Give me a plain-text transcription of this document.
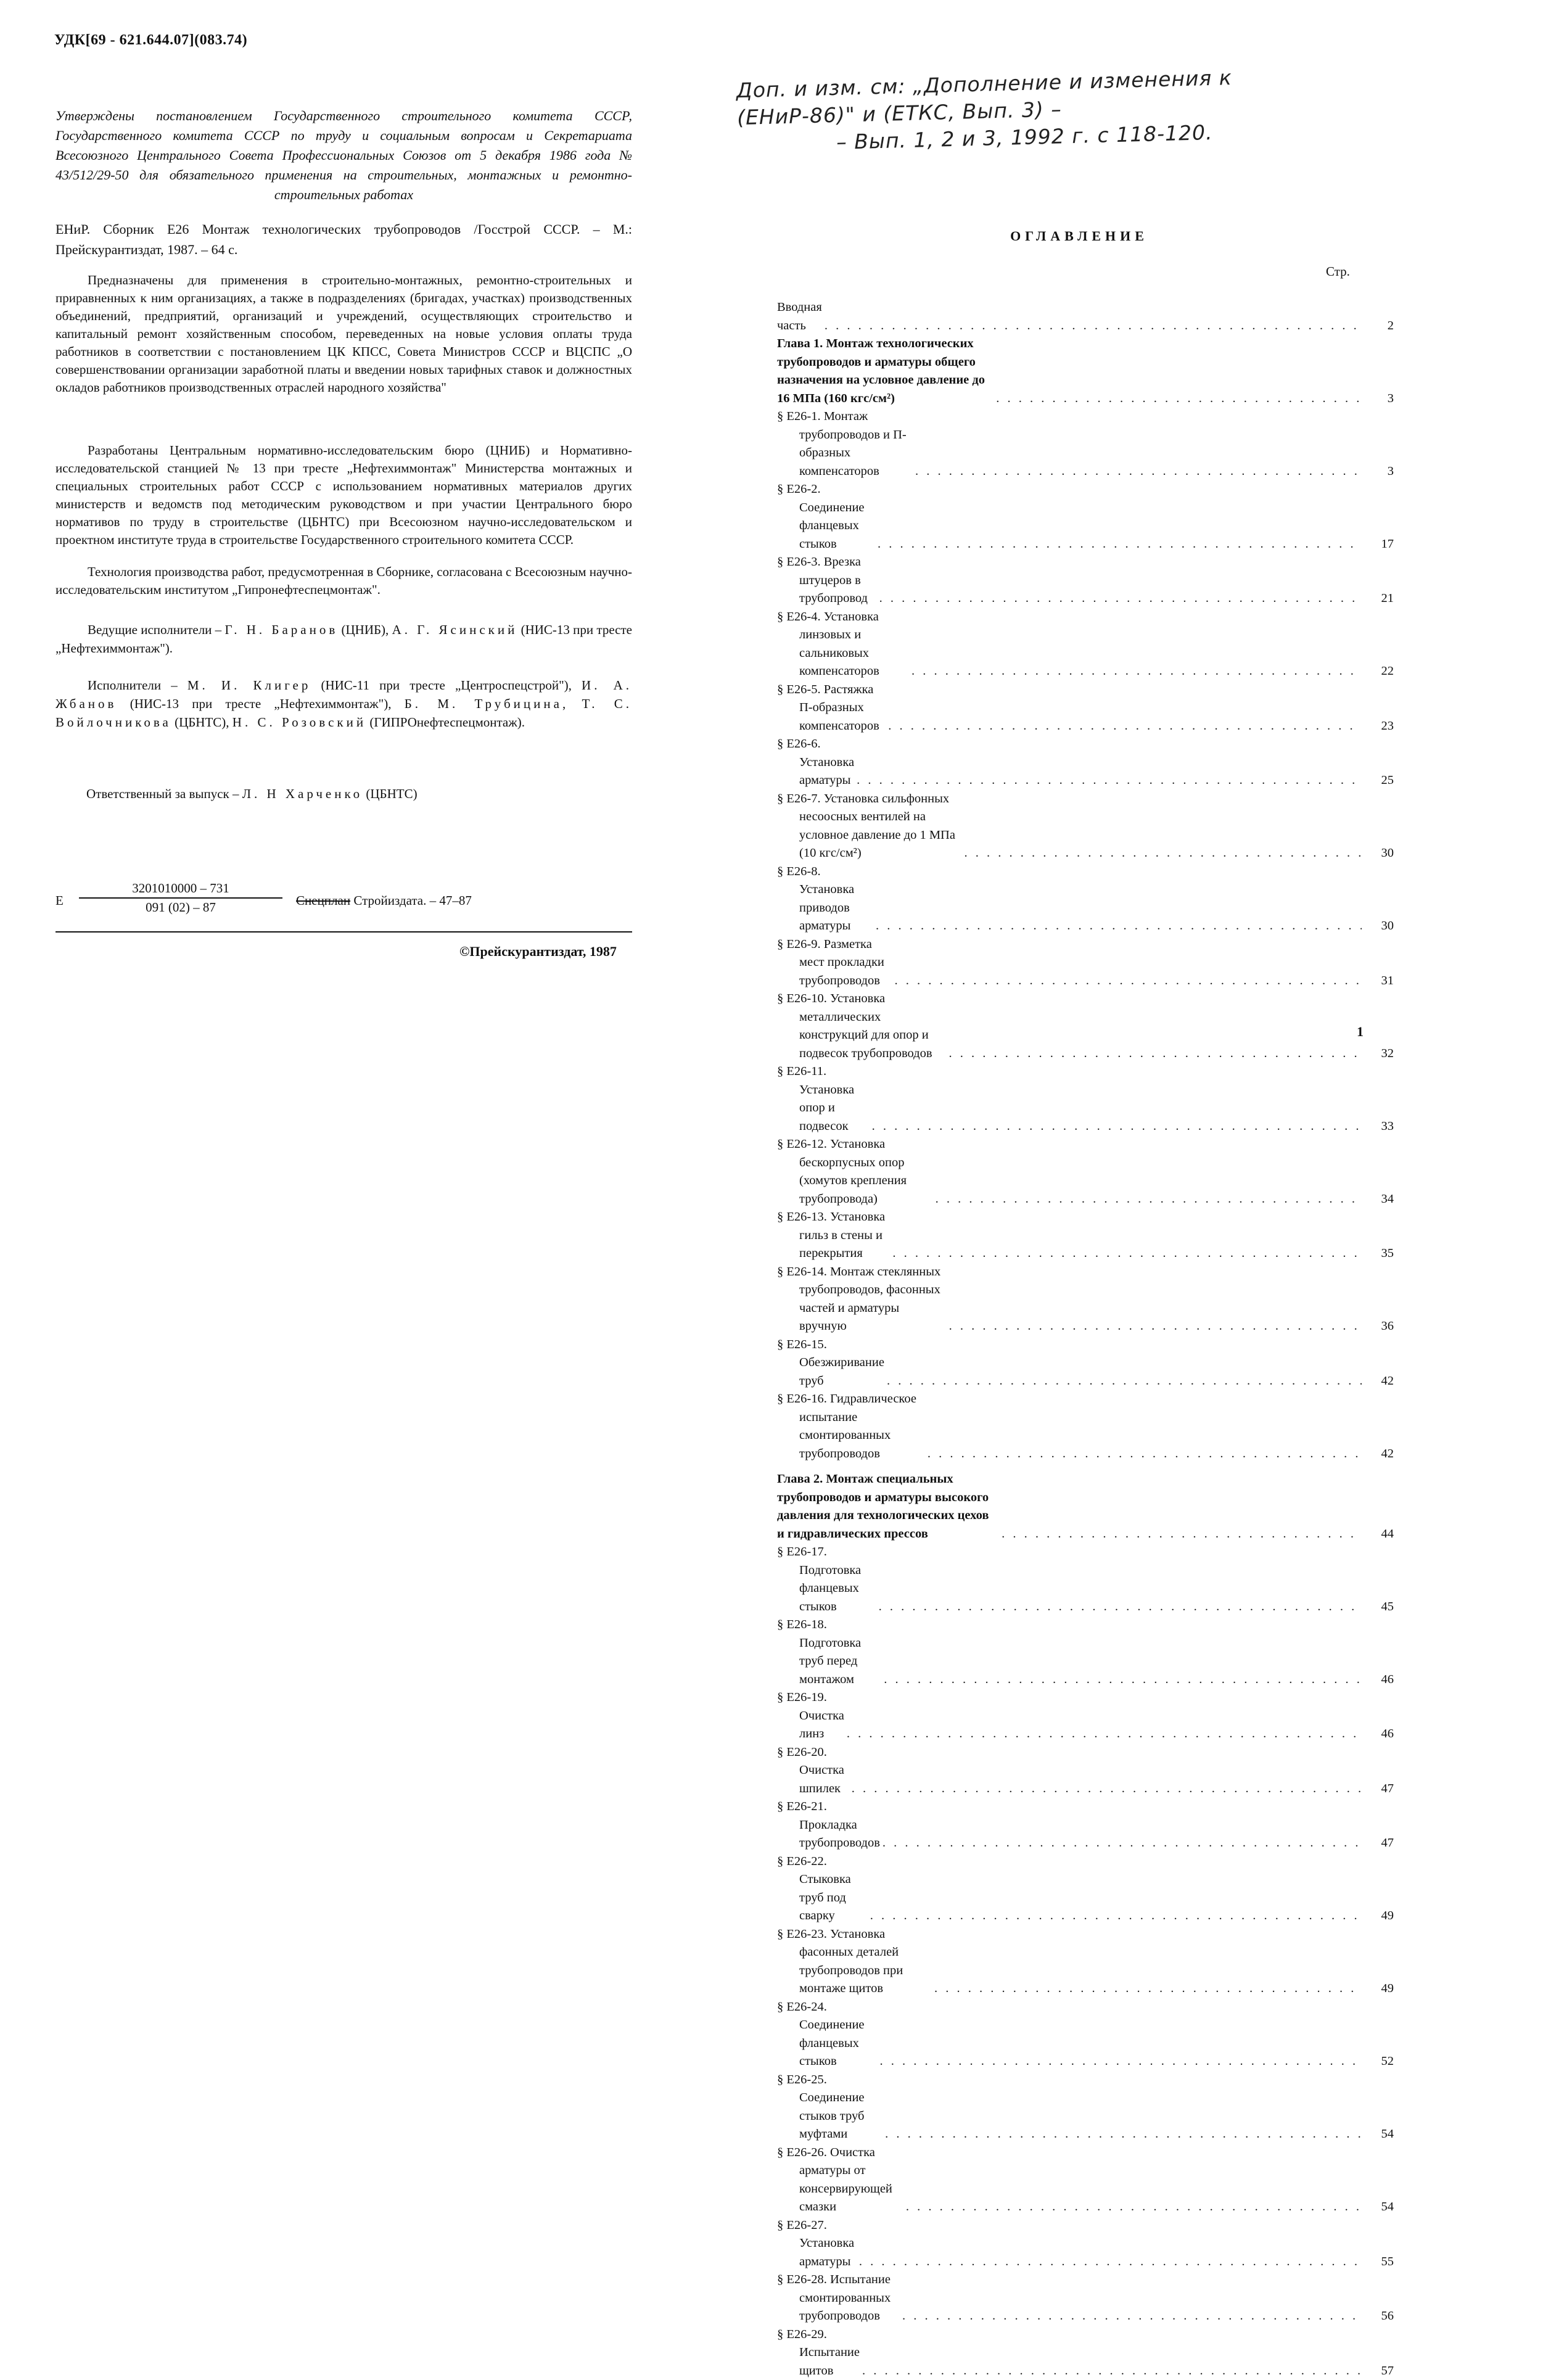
УДК[69 - 621.644.07](083.74)
Утверждены постановлением Государственного строительного комитета СССР, Государственного комитета СССР по труду и социальным вопросам и Секретариата Всесоюзного Центрального Совета Профессиональных Союзов от 5 декабря 1986 года № 43/512/29-50 для обязательного применения на строительных, монтажных и ремонтно-строительных работах
ЕНиР. Сборник Е26 Монтаж технологических трубопроводов /Госстрой СССР. – М.: Прейскурантиздат, 1987. – 64 с.
Предназначены для применения в строительно-монтажных, ремонтно-строительных и приравненных к ним организациях, а также в подразделениях (бригадах, участках) производственных объединений, предприятий, организаций и учреждений, осуществляющих строительство и капитальный ремонт хозяйственным способом, переведенных на новые условия оплаты труда работников в соответствии с постановлением ЦК КПСС, Совета Министров СССР и ВЦСПС „О совершенствовании организации заработной платы и введении новых тарифных ставок и должностных окладов работников производственных отраслей народного хозяйства"
Разработаны Центральным нормативно-исследовательским бюро (ЦНИБ) и Нормативно-исследовательской станцией № 13 при тресте „Нефтехиммонтаж" Министерства монтажных и специальных строительных работ СССР с использованием нормативных материалов других министерств и ведомств под методическим руководством и при участии Центрального бюро нормативов по труду в строительстве (ЦБНТС) при Всесоюзном научно-исследовательском и проектном институте труда в строительстве Государственного строительного комитета СССР.
Технология производства работ, предусмотренная в Сборнике, согласована с Всесоюзным научно-исследовательским институтом „Гипронефтеспецмонтаж".
Ведущие исполнители – Г. Н. Баранов (ЦНИБ), А. Г. Ясинский (НИС-13 при тресте „Нефтехиммонтаж").
Исполнители – М. И. Клигер (НИС-11 при тресте „Центроспецстрой"), И. А. Жбанов (НИС-13 при тресте „Нефтехиммонтаж"), Б. М. Трубицина, Т. С. Войлочникова (ЦБНТС), Н. С. Розовский (ГИПРОнефтеспецмонтаж).
Ответственный за выпуск – Л. Н Харченко (ЦБНТС)
Е $\frac{3201010000 - 731}{091 (02) - 87}$ Снецплан Стройиздата. – 47–87
©Прейскурантиздат, 1987
Доп. и изм. см: „Дополнение и изменения к
(ЕНиР-86)" и (ЕТКС, Вып. 3) –
– Вып. 1, 2 и 3, 1992 г. с 118-120.
ОГЛАВЛЕНИЕ
Стр.
Вводная часть . . .	2
Глава 1. Монтаж технологических трубопроводов и арматуры общего назначения на условное давление до 16 МПа (160 кгс/см²) . . .	3
§ Е26-1. Монтаж трубопроводов и П-образных компенсаторов . . .	3
§ Е26-2. Соединение фланцевых стыков . . .	17
§ Е26-3. Врезка штуцеров в трубопровод . . .	21
§ Е26-4. Установка линзовых и сальниковых компенсаторов . . .	22
§ Е26-5. Растяжка П-образных компенсаторов . . .	23
§ Е26-6. Установка арматуры . . .	25
§ Е26-7. Установка сильфонных несоосных вентилей на условное давление до 1 МПа (10 кгс/см²) . . .	30
§ Е26-8. Установка приводов арматуры . . .	30
§ Е26-9. Разметка мест прокладки трубопроводов . . .	31
§ Е26-10. Установка металлических конструкций для опор и подвесок трубопроводов . . .	32
§ Е26-11. Установка опор и подвесок . . .	33
§ Е26-12. Установка бескорпусных опор (хомутов крепления трубопровода) . . .	34
§ Е26-13. Установка гильз в стены и перекрытия . . .	35
§ Е26-14. Монтаж стеклянных трубопроводов, фасонных частей и арматуры вручную . . .	36
§ Е26-15. Обезжиривание труб . . .	42
§ Е26-16. Гидравлическое испытание смонтированных трубопроводов . . .	42
Глава 2. Монтаж специальных трубопроводов и арматуры высокого давления для технологических цехов и гидравлических прессов . . .	44
§ Е26-17. Подготовка фланцевых стыков . . .	45
§ Е26-18. Подготовка труб перед монтажом . . .	46
§ Е26-19. Очистка линз . . .	46
§ Е26-20. Очистка шпилек . . .	47
§ Е26-21. Прокладка трубопроводов . . .	47
§ Е26-22. Стыковка труб под сварку . . .	49
§ Е26-23. Установка фасонных деталей трубопроводов при монтаже щитов . . .	49
§ Е26-24. Соединение фланцевых стыков . . .	52
§ Е26-25. Соединение стыков труб муфтами . . .	54
§ Е26-26. Очистка арматуры от консервирующей смазки . . .	54
§ Е26-27. Установка арматуры . . .	55
§ Е26-28. Испытание смонтированных трубопроводов . . .	56
§ Е26-29. Испытание щитов . . .	57
1
